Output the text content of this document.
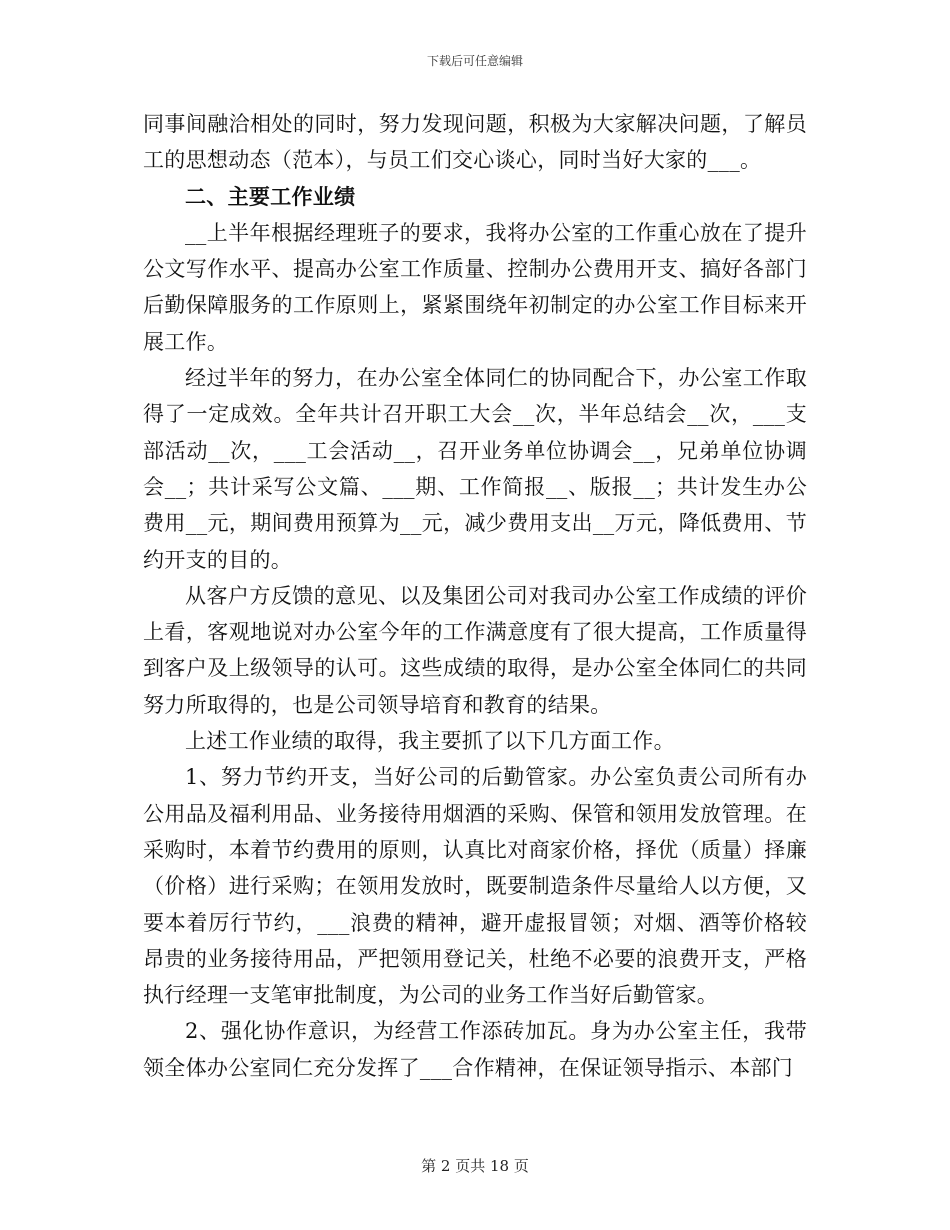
下载后可任意编辑

同事间融洽相处的同时，努力发现问题，积极为大家解决问题，了解员工的思想动态（范本），与员工们交心谈心，同时当好大家的___。

二、主要工作业绩

__上半年根据经理班子的要求，我将办公室的工作重心放在了提升公文写作水平、提高办公室工作质量、控制办公费用开支、搞好各部门后勤保障服务的工作原则上，紧紧围绕年初制定的办公室工作目标来开展工作。

经过半年的努力，在办公室全体同仁的协同配合下，办公室工作取得了一定成效。全年共计召开职工大会__次，半年总结会__次，___支部活动__次，___工会活动__，召开业务单位协调会__，兄弟单位协调会__；共计采写公文篇、___期、工作简报__、版报__；共计发生办公费用__元，期间费用预算为__元，减少费用支出__万元，降低费用、节约开支的目的。

从客户方反馈的意见、以及集团公司对我司办公室工作成绩的评价上看，客观地说对办公室今年的工作满意度有了很大提高，工作质量得到客户及上级领导的认可。这些成绩的取得，是办公室全体同仁的共同努力所取得的，也是公司领导培育和教育的结果。

上述工作业绩的取得，我主要抓了以下几方面工作。

1、努力节约开支，当好公司的后勤管家。办公室负责公司所有办公用品及福利用品、业务接待用烟酒的采购、保管和领用发放管理。在采购时，本着节约费用的原则，认真比对商家价格，择优（质量）择廉（价格）进行采购；在领用发放时，既要制造条件尽量给人以方便，又要本着厉行节约，___浪费的精神，避开虚报冒领；对烟、酒等价格较昂贵的业务接待用品，严把领用登记关，杜绝不必要的浪费开支，严格执行经理一支笔审批制度，为公司的业务工作当好后勤管家。

2、强化协作意识，为经营工作添砖加瓦。身为办公室主任，我带领全体办公室同仁充分发挥了___合作精神，在保证领导指示、本部门

第 2 页共 18 页
